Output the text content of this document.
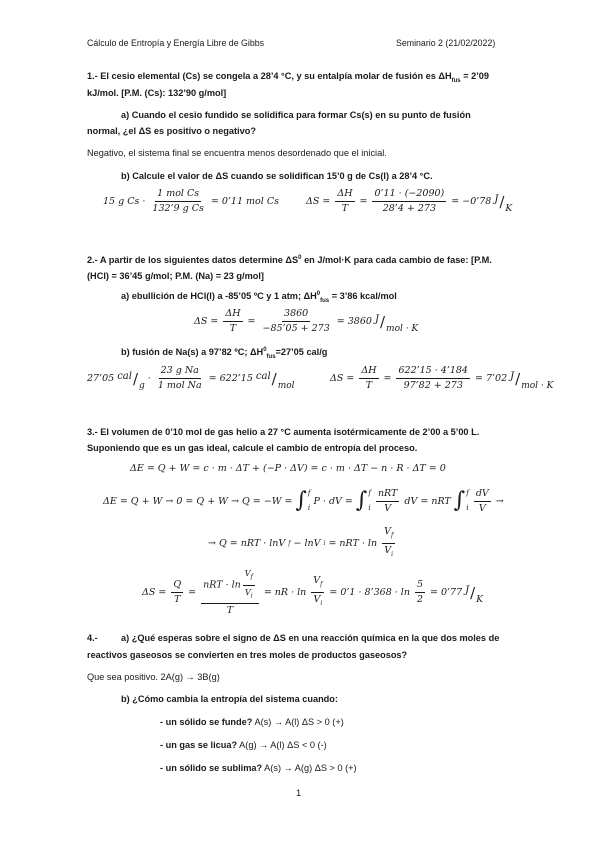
Cálculo de Entropía y Energía Libre de Gibbs	Seminario 2 (21/02/2022)
1.- El cesio elemental (Cs) se congela a 28’4 °C, y su entalpía molar de fusión es $\Delta H_{fus}$ = 2’09
kJ/mol. [P.M. (Cs): 132’90 g/mol]
a) Cuando el cesio fundido se solidifica para formar Cs(s) en su punto de fusión
normal, ¿el ΔS es positivo o negativo?
Negativo, el sistema final se encuentra menos desordenado que el inicial.
b) Calcule el valor de ΔS cuando se solidifican 15’0 g de Cs(l) a 28’4 °C.
15 g $Cs \cdot \frac{\text{1 mol Cs}}{\text{132’9 g Cs}}$ = 0’11 mol Cs	$\Delta S = \frac{\Delta H}{T} = \frac{0’11 \cdot (-2090)}{28’4 + 273}$ = −0’78 J/K
2.- A partir de los siguientes datos determine $\Delta S^0$ en J/mol·K para cada cambio de fase: [P.M.
(HCl) = 36’45 g/mol; P.M. (Na) = 23 g/mol]
a) ebullición de HCl(l) a -85’05 ºC y 1 atm; $\Delta H^0_{fus}$ = 3’86 kcal/mol
$\Delta S = \frac{\Delta H}{T} = \frac{3860}{-85’05 + 273} = 3860$ J/mol · K
b) fusión de Na(s) a 97’82 ºC; $\Delta H^0_{fus}=27’05$ cal/g
27’05 cal/g
· $\frac{\text{23 g Na}}{\text{1 mol Na}}$ = 622’15 cal/mol
$\Delta S = \frac{\Delta H}{T} = \frac{622’15 \cdot 4’184}{97’82 + 273}$ = 7’02 J/mol · K
3.- El volumen de 0’10 mol de gas helio a 27 °C aumenta isotérmicamente de 2’00 a 5’00 L.
Suponiendo que es un gas ideal, calcule el cambio de entropía del proceso.
ΔE = Q + W = c · m · ΔT + (−P · ΔV) = c · m · ΔT − n · R · ΔT = 0
ΔE = Q + W → 0 = Q + W → Q = −W = ∫ f
i
P · dV = ∫ f
i $\frac{\text{nRT}}{V}$ dV = nRT ∫ f
i $\frac{dV}{V}$ →
→ Q = nRT · lnV f − lnV i = nRT · $\ln \frac{V_f}{V_i}$
$\Delta S = \frac{Q}{T} = \frac{nRT \cdot \ln \frac{V_f}{V_i}}{T}$ = nR · $\ln \frac{V_f}{V_i}$ = 0’1 · 8’368 · $\ln \frac{5}{2}$ = 0’77 J/K
4.-	a) ¿Qué esperas sobre el signo de ΔS en una reacción química en la que dos moles de
reactivos gaseosos se convierten en tres moles de productos gaseosos?
Que sea positivo. 2A(g) → 3B(g)
b) ¿Cómo cambia la entropía del sistema cuando:
- un sólido se funde? A(s) → A(l) ΔS > 0 (+)
- un gas se licua? A(g) → A(l) ΔS < 0 (-)
- un sólido se sublima? A(s) → A(g) ΔS > 0 (+)
1
